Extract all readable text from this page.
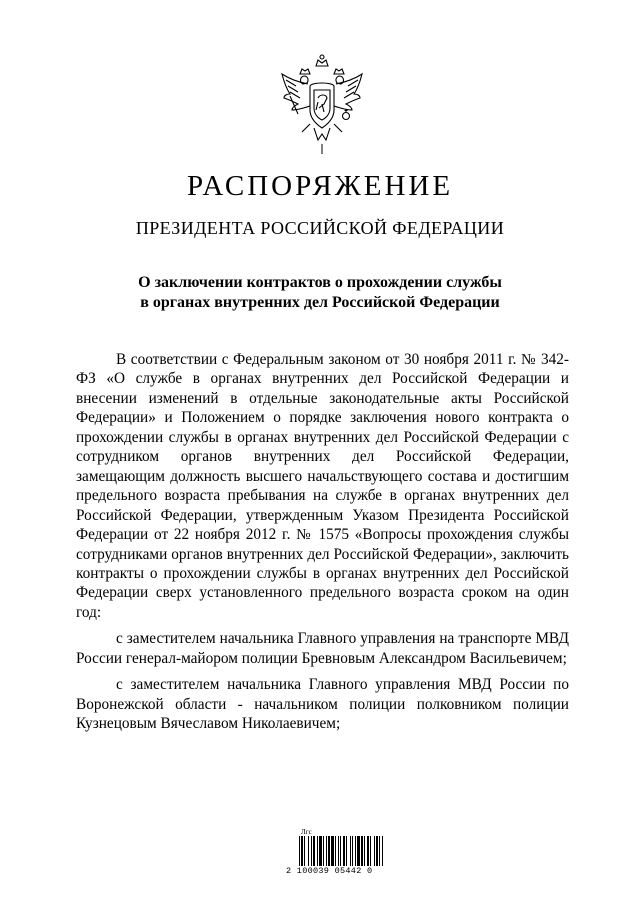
РАСПОРЯЖЕНИЕ
ПРЕЗИДЕНТА РОССИЙСКОЙ ФЕДЕРАЦИИ
О заключении контрактов о прохождении службы
в органах внутренних дел Российской Федерации

В соответствии с Федеральным законом от 30 ноября 2011 г. № 342-ФЗ «О службе в органах внутренних дел Российской Федерации и внесении изменений в отдельные законодательные акты Российской Федерации» и Положением о порядке заключения нового контракта о прохождении службы в органах внутренних дел Российской Федерации с сотрудником органов внутренних дел Российской Федерации, замещающим должность высшего начальствующего состава и достигшим предельного возраста пребывания на службе в органах внутренних дел Российской Федерации, утвержденным Указом Президента Российской Федерации от 22 ноября 2012 г. № 1575 «Вопросы прохождения службы сотрудниками органов внутренних дел Российской Федерации», заключить контракты о прохождении службы в органах внутренних дел Российской Федерации сверх установленного предельного возраста сроком на один год:

с заместителем начальника Главного управления на транспорте МВД России генерал-майором полиции Бревновым Александром Васильевичем;

с заместителем начальника Главного управления МВД России по Воронежской области - начальником полиции полковником полиции Кузнецовым Вячеславом Николаевичем;

Лгс
2 100039 05442 0
